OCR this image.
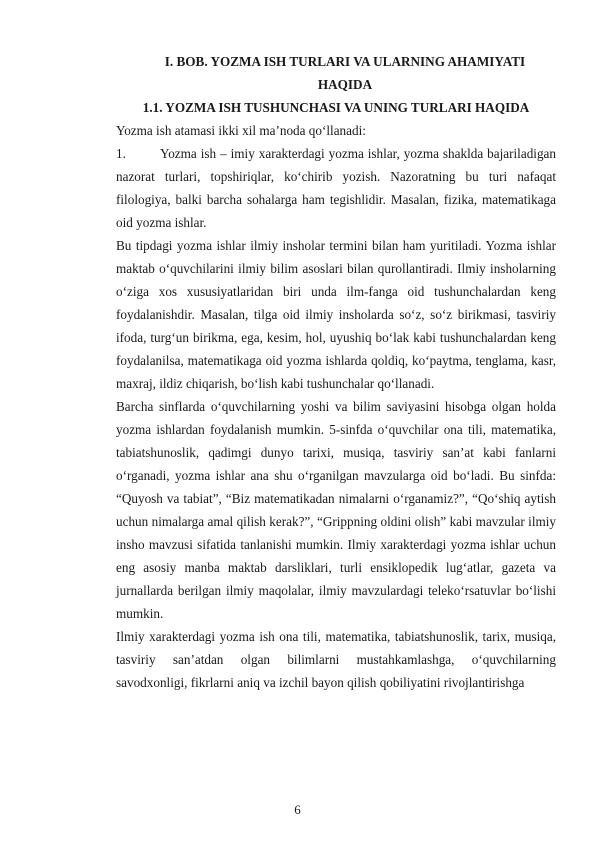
I. BOB. YOZMA ISH TURLARI VA ULARNING AHAMIYATI
HAQIDA

1.1. YOZMA ISH TUSHUNCHASI VA UNING TURLARI HAQIDA

Yozma ish atamasi ikki xil ma’noda qo‘llanadi:

1.	Yozma ish – imiy xarakterdagi yozma ishlar, yozma shaklda bajariladigan nazorat turlari, topshiriqlar, ko‘chirib yozish. Nazoratning bu turi nafaqat filologiya, balki barcha sohalarga ham tegishlidir. Masalan, fizika, matematikaga oid yozma ishlar.

Bu tipdagi yozma ishlar ilmiy insholar termini bilan ham yuritiladi. Yozma ishlar maktab o‘quvchilarini ilmiy bilim asoslari bilan qurollantiradi. Ilmiy insholarning o‘ziga xos xususiyatlaridan biri unda ilm-fanga oid tushunchalardan keng foydalanishdir. Masalan, tilga oid ilmiy insholarda so‘z, so‘z birikmasi, tasviriy ifoda, turg‘un birikma, ega, kesim, hol, uyushiq bo‘lak kabi tushunchalardan keng foydalanilsa, matematikaga oid yozma ishlarda qoldiq, ko‘paytma, tenglama, kasr, maxraj, ildiz chiqarish, bo‘lish kabi tushunchalar qo‘llanadi.

Barcha sinflarda o‘quvchilarning yoshi va bilim saviyasini hisobga olgan holda yozma ishlardan foydalanish mumkin. 5-sinfda o‘quvchilar ona tili, matematika, tabiatshunoslik, qadimgi dunyo tarixi, musiqa, tasviriy san’at kabi fanlarni o‘rganadi, yozma ishlar ana shu o‘rganilgan mavzularga oid bo‘ladi. Bu sinfda: “Quyosh va tabiat”, “Biz matematikadan nimalarni o‘rganamiz?”, “Qo‘shiq aytish uchun nimalarga amal qilish kerak?”, “Grippning oldini olish” kabi mavzular ilmiy insho mavzusi sifatida tanlanishi mumkin. Ilmiy xarakterdagi yozma ishlar uchun eng asosiy manba maktab darsliklari, turli ensiklopedik lug‘atlar, gazeta va jurnallarda berilgan ilmiy maqolalar, ilmiy mavzulardagi teleko‘rsatuvlar bo‘lishi mumkin.

Ilmiy xarakterdagi yozma ish ona tili, matematika, tabiatshunoslik, tarix, musiqa, tasviriy san’atdan olgan bilimlarni mustahkamlashga, o‘quvchilarning savodxonligi, fikrlarni aniq va izchil bayon qilish qobiliyatini rivojlantirishga

6
